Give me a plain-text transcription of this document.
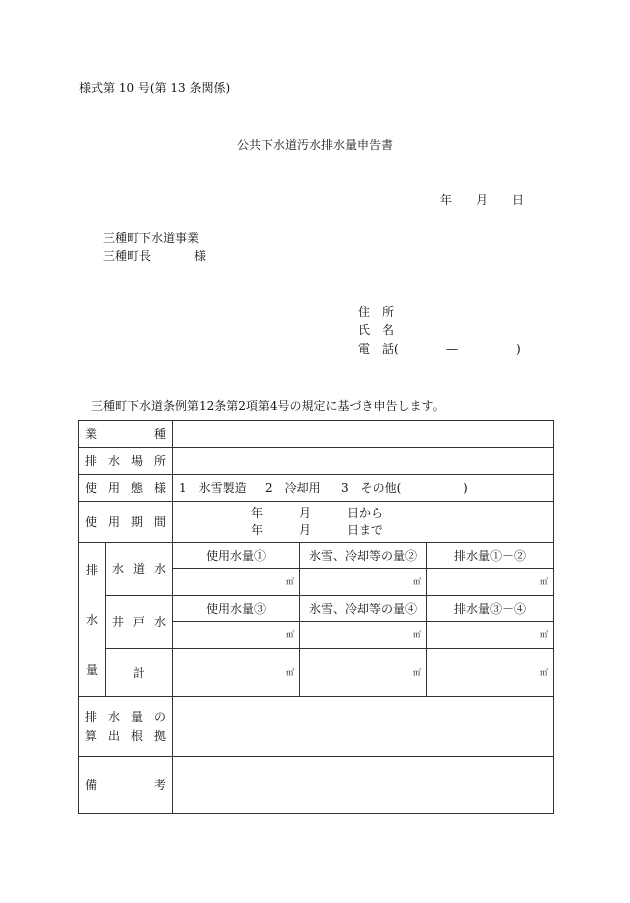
様式第 10 号(第 13 条関係)
公共下水道汚水排水量申告書
年 月 日
三種町下水道事業
三種町長	様
住　所
氏　名
電　話(	—	)
三種町下水道条例第12条第2項第4号の規定に基づき申告します。
業種				
排水場所				
使用態様		1　氷雪製造 2　冷却用 3　その他( )		
使用期間		年 月 日から
年 月 日まで		

排
水
量	水道水	使用水量①	氷雪、冷却等の量②	排水量①－②
		㎥	㎥	㎥
	井戸水	使用水量③	氷雪、冷却等の量④	排水量③－④
		㎥	㎥	㎥
	計	㎥	㎥	㎥

排水量の
算出根拠				

備考				
